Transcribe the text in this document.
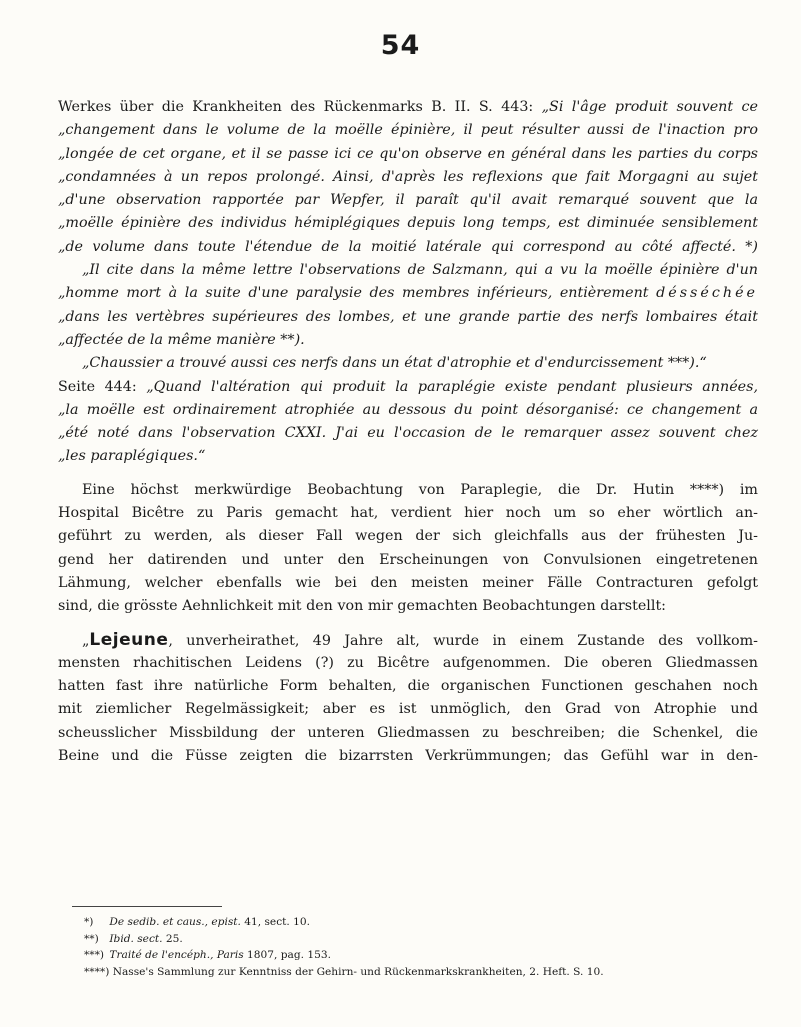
54
Werkes über die Krankheiten des Rückenmarks B. II. S. 443: „Si l'âge produit souvent ce
„changement dans le volume de la moëlle épinière, il peut résulter aussi de l'inaction pro
„longée de cet organe, et il se passe ici ce qu'on observe en général dans les parties du corps
„condamnées à un repos prolongé. Ainsi, d'après les reflexions que fait Morgagni au sujet
„d'une observation rapportée par Wepfer, il paraît qu'il avait remarqué souvent que la
„moëlle épinière des individus hémiplégiques depuis long temps, est diminuée sensiblement
„de volume dans toute l'étendue de la moitié latérale qui correspond au côté affecté. *)
„Il cite dans la même lettre l'observations de Salzmann, qui a vu la moëlle épinière d'un
„homme mort à la suite d'une paralysie des membres inférieurs, entièrement désséchée
„dans les vertèbres supérieures des lombes, et une grande partie des nerfs lombaires était
„affectée de la même manière **).
„Chaussier a trouvé aussi ces nerfs dans un état d'atrophie et d'endurcissement ***).“
Seite 444: „Quand l'altération qui produit la paraplégie existe pendant plusieurs années,
„la moëlle est ordinairement atrophiée au dessous du point désorganisé: ce changement a
„été noté dans l'observation CXXI. J'ai eu l'occasion de le remarquer assez souvent chez
„les paraplégiques.“
Eine höchst merkwürdige Beobachtung von Paraplegie, die Dr. Hutin ****) im
Hospital Bicêtre zu Paris gemacht hat, verdient hier noch um so eher wörtlich an-
geführt zu werden, als dieser Fall wegen der sich gleichfalls aus der frühesten Ju-
gend her datirenden und unter den Erscheinungen von Convulsionen eingetretenen
Lähmung, welcher ebenfalls wie bei den meisten meiner Fälle Contracturen gefolgt
sind, die grösste Aehnlichkeit mit den von mir gemachten Beobachtungen darstellt:
„Lejeune, unverheirathet, 49 Jahre alt, wurde in einem Zustande des vollkom-
mensten rhachitischen Leidens (?) zu Bicêtre aufgenommen. Die oberen Gliedmassen
hatten fast ihre natürliche Form behalten, die organischen Functionen geschahen noch
mit ziemlicher Regelmässigkeit; aber es ist unmöglich, den Grad von Atrophie und
scheusslicher Missbildung der unteren Gliedmassen zu beschreiben; die Schenkel, die
Beine und die Füsse zeigten die bizarrsten Verkrümmungen; das Gefühl war in den-
*) De sedib. et caus., epist. 41, sect. 10.
**) Ibid. sect. 25.
***) Traité de l'encéph., Paris 1807, pag. 153.
****) Nasse's Sammlung zur Kenntniss der Gehirn- und Rückenmarkskrankheiten, 2. Heft. S. 10.
